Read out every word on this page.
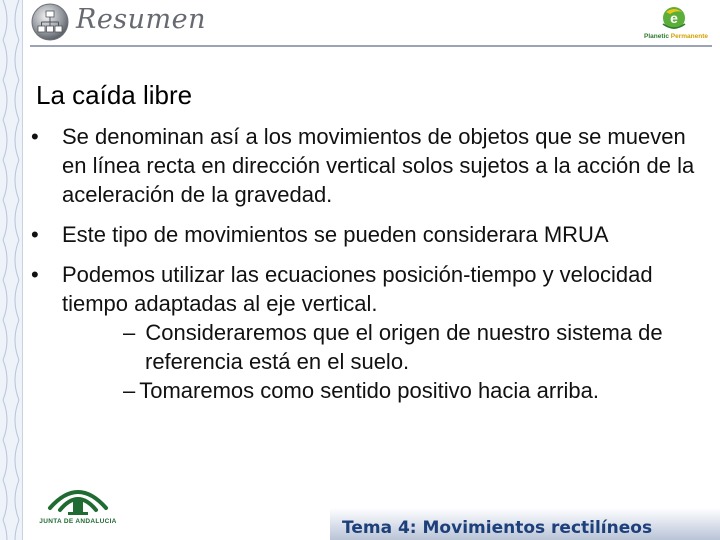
Resumen	e
Planetic Permanente
La caída libre
• Se denominan así a los movimientos de objetos que se mueven en línea recta en dirección vertical solos sujetos a la acción de la aceleración de la gravedad.
• Este tipo de movimientos se pueden considerara MRUA
• Podemos utilizar las ecuaciones posición-tiempo y velocidad tiempo adaptadas al eje vertical.
– Consideraremos que el origen de nuestro sistema de referencia está en el suelo.
– Tomaremos como sentido positivo hacia arriba.
JUNTA DE ANDALUCIA	Tema 4: Movimientos rectilíneos
